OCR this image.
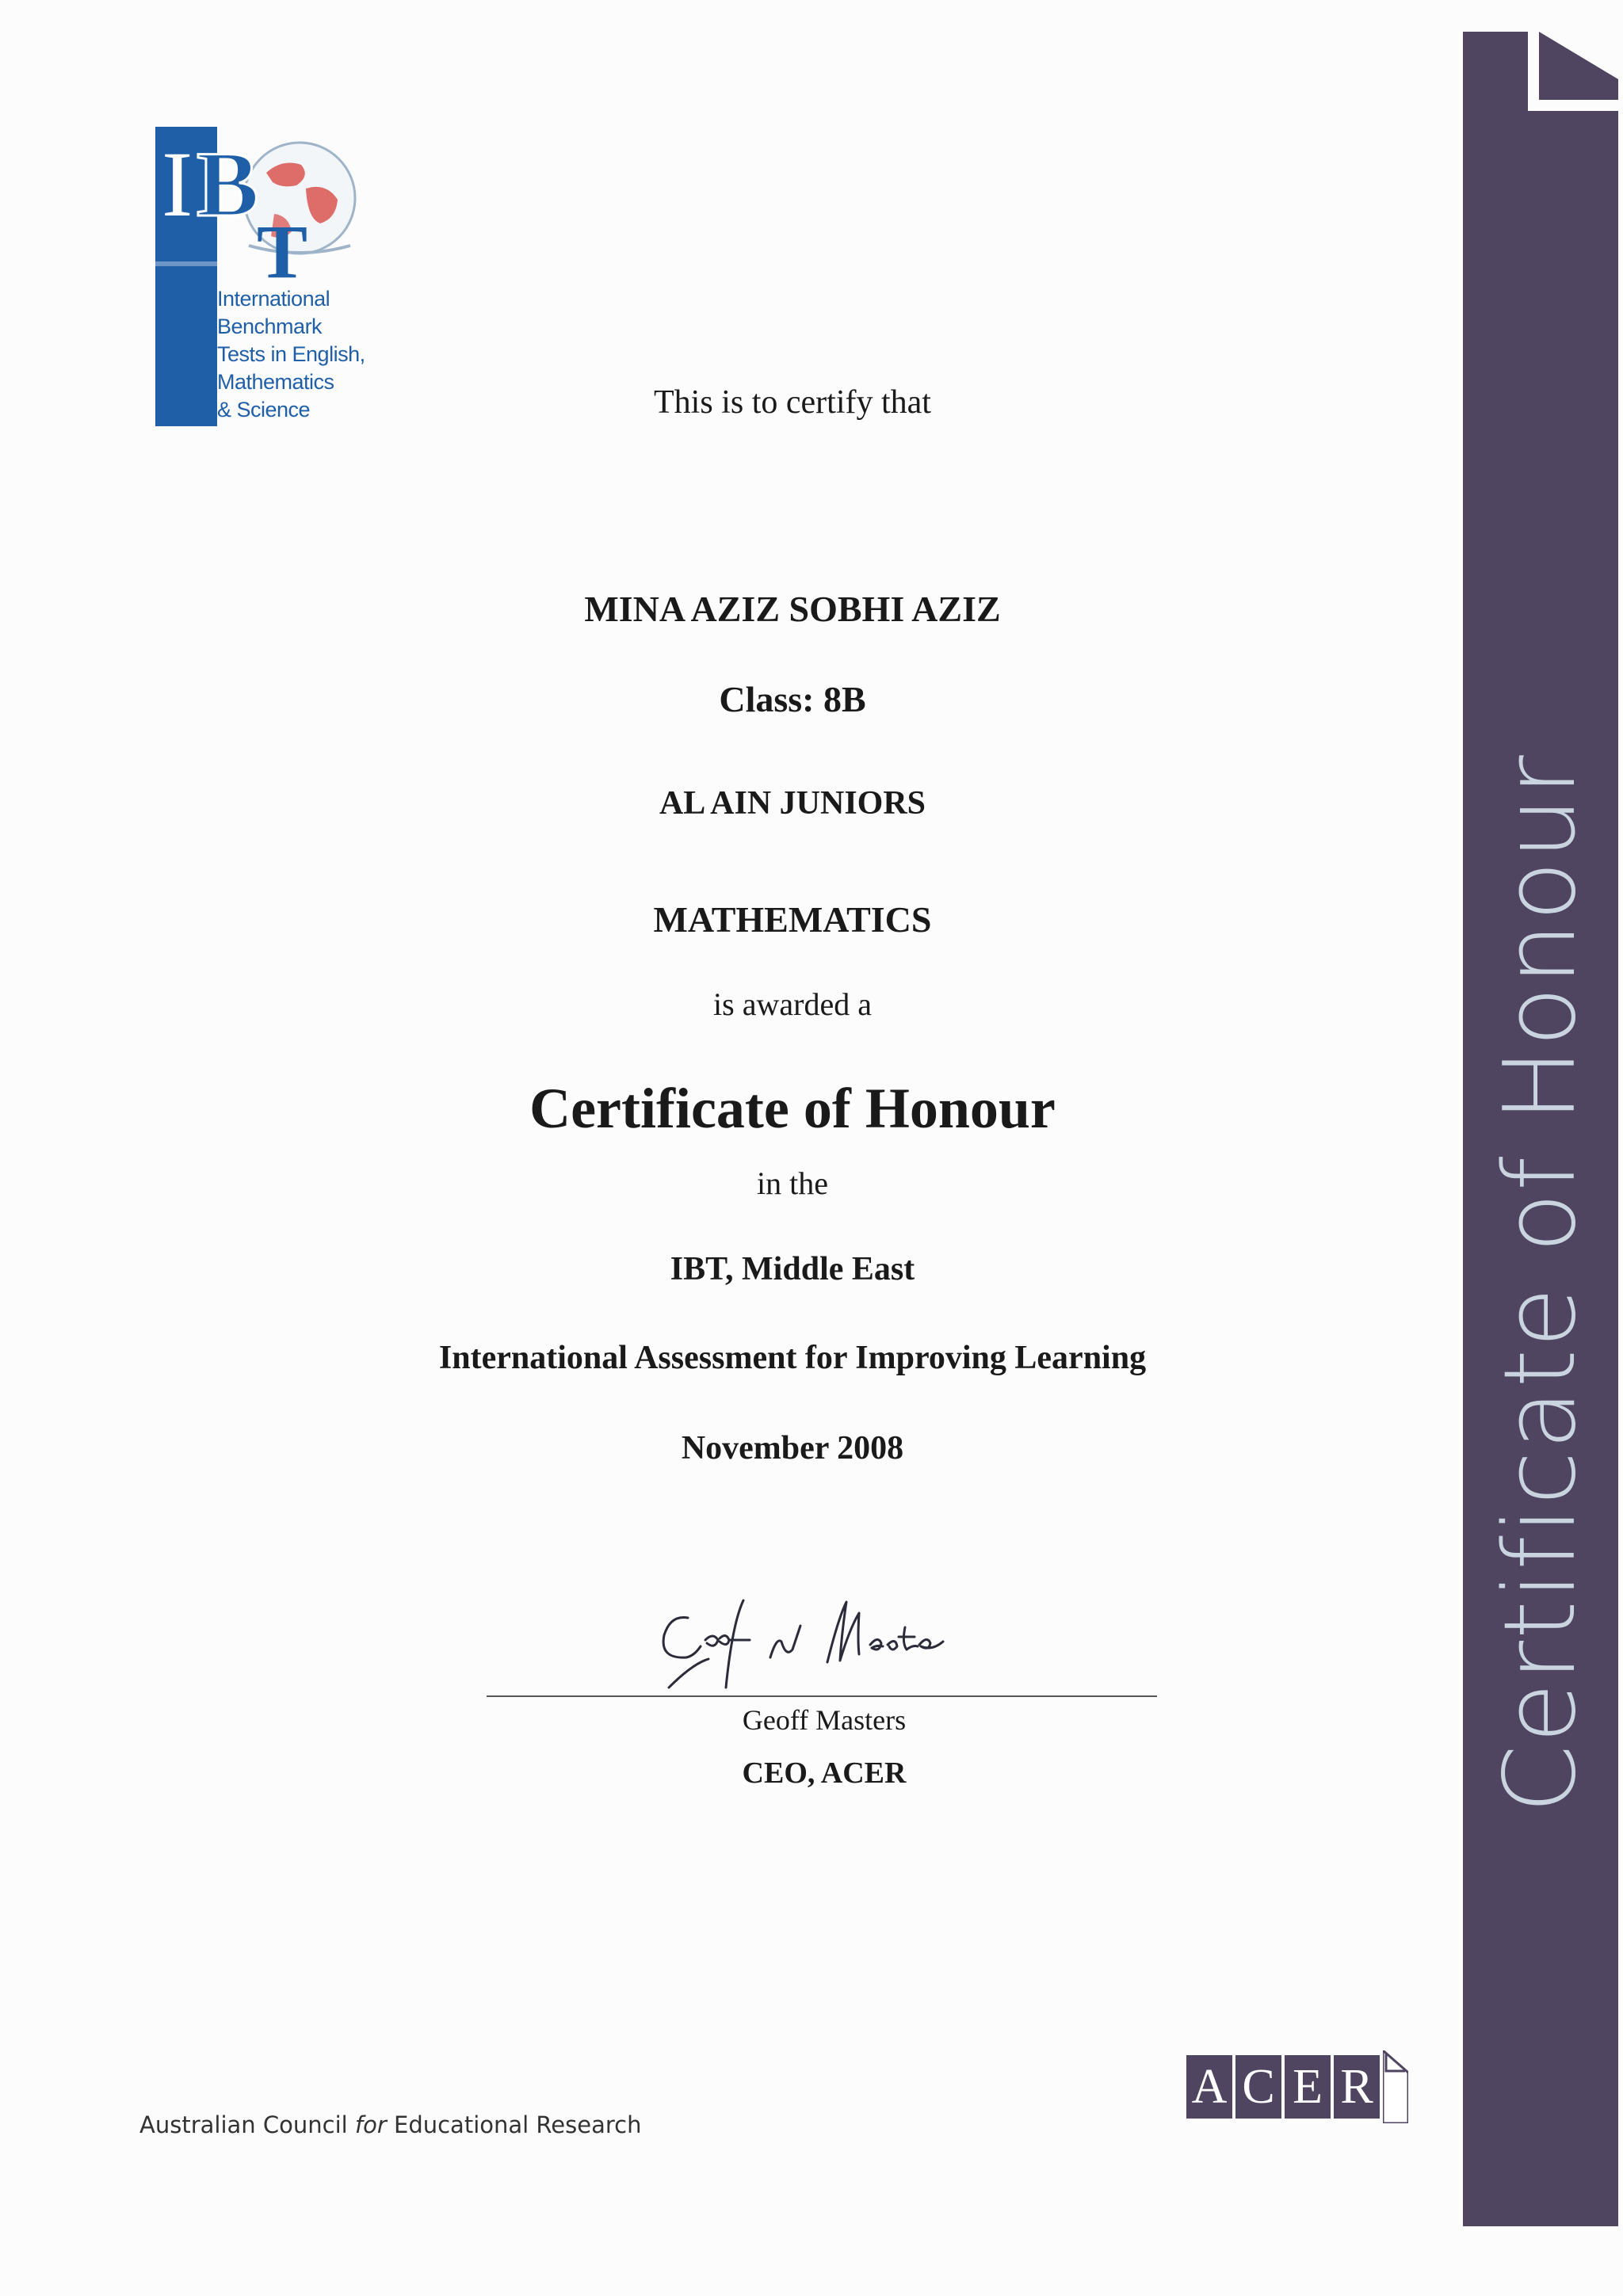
I B
T
International
Benchmark
Tests in English,
Mathematics
& Science	This is to certify that
MINA AZIZ SOBHI AZIZ
Class: 8B
AL AIN JUNIORS
MATHEMATICS
is awarded a
Certificate of Honour
in the
IBT, Middle East
International Assessment for Improving Learning
November 2008
Geoff Masters
CEO, ACER
A C E R
Australian Council for Educational Research
Certificate of Honour
